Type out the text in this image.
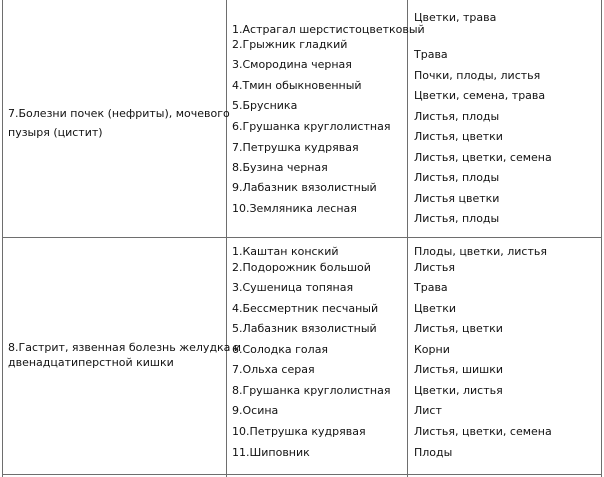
7.Болезни почек (нефриты), мочевого
пузыря (цистит)
1.Астрагал шерстистоцветковый
2.Грыжник гладкий
3.Смородина черная
4.Тмин обыкновенный
5.Брусника
6.Грушанка круглолистная
7.Петрушка кудрявая
8.Бузина черная
9.Лабазник вязолистный
10.Земляника лесная
Цветки, трава
Трава
Почки, плоды, листья
Цветки, семена, трава
Листья, плоды
Листья, цветки
Листья, цветки, семена
Листья, плоды
Листья цветки
Листья, плоды
8.Гастрит, язвенная болезнь желудка и
двенадцатиперстной кишки
1.Каштан конский
2.Подорожник большой
3.Сушеница топяная
4.Бессмертник песчаный
5.Лабазник вязолистный
6.Солодка голая
7.Ольха серая
8.Грушанка круглолистная
9.Осина
10.Петрушка кудрявая
11.Шиповник
Плоды, цветки, листья
Листья
Трава
Цветки
Листья, цветки
Корни
Листья, шишки
Цветки, листья
Лист
Листья, цветки, семена
Плоды
